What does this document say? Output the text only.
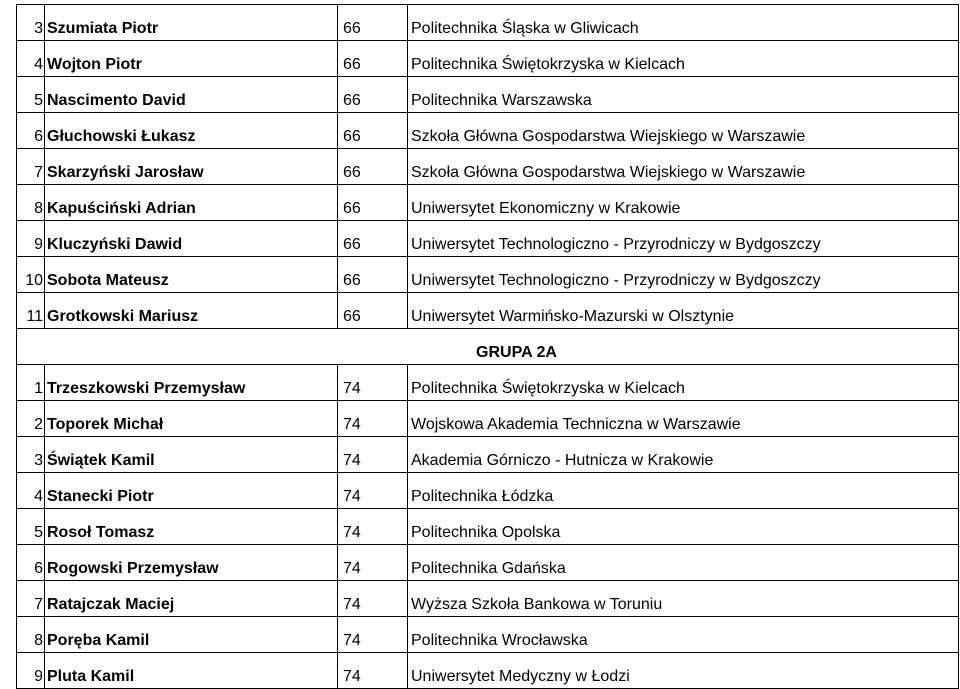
3	Szumiata Piotr	66	Politechnika Śląska w Gliwicach
4	Wojton Piotr	66	Politechnika Świętokrzyska w Kielcach
5	Nascimento David	66	Politechnika Warszawska
6	Głuchowski Łukasz	66	Szkoła Główna Gospodarstwa Wiejskiego w Warszawie
7	Skarzyński Jarosław	66	Szkoła Główna Gospodarstwa Wiejskiego w Warszawie
8	Kapuściński Adrian	66	Uniwersytet Ekonomiczny w Krakowie
9	Kluczyński Dawid	66	Uniwersytet Technologiczno - Przyrodniczy w Bydgoszczy
10	Sobota Mateusz	66	Uniwersytet Technologiczno - Przyrodniczy w Bydgoszczy
11	Grotkowski Mariusz	66	Uniwersytet Warmińsko-Mazurski w Olsztynie
GRUPA 2A			
1	Trzeszkowski Przemysław	74	Politechnika Świętokrzyska w Kielcach
2	Toporek Michał	74	Wojskowa Akademia Techniczna w Warszawie
3	Świątek Kamil	74	Akademia Górniczo - Hutnicza w Krakowie
4	Stanecki Piotr	74	Politechnika Łódzka
5	Rosoł Tomasz	74	Politechnika Opolska
6	Rogowski Przemysław	74	Politechnika Gdańska
7	Ratajczak Maciej	74	Wyższa Szkoła Bankowa w Toruniu
8	Poręba Kamil	74	Politechnika Wrocławska
9	Pluta Kamil	74	Uniwersytet Medyczny w Łodzi
